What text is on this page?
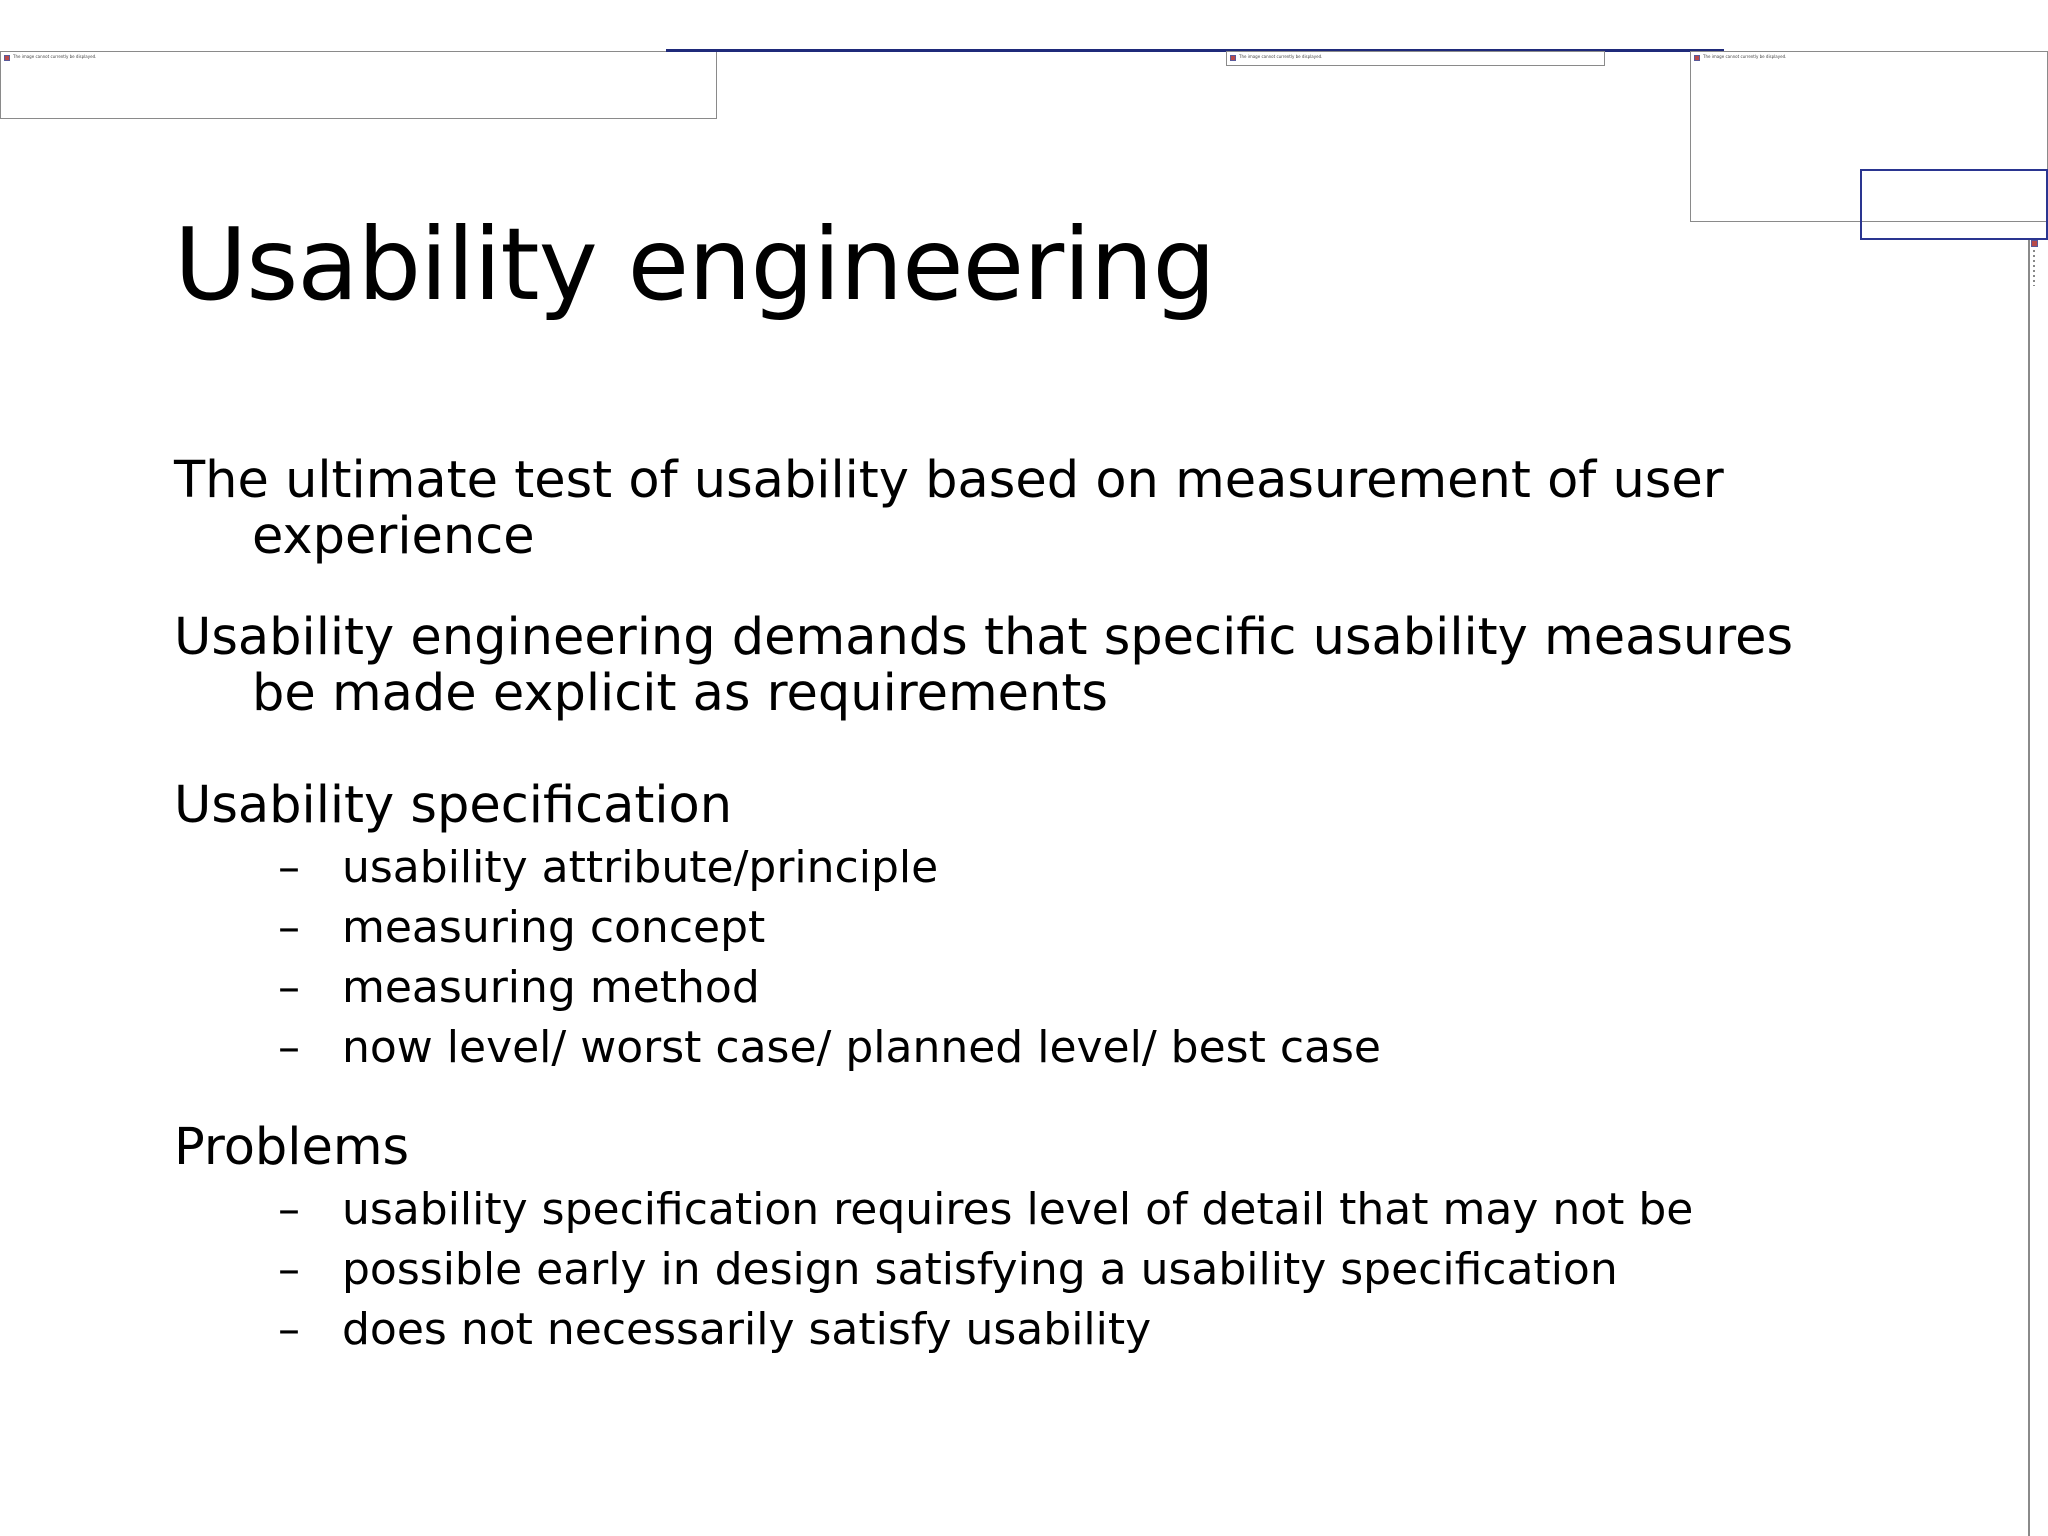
The image cannot currently be displayed.	The image cannot currently be displayed.	The image cannot currently be displayed.
Usability engineering
The ultimate test of usability based on measurement of user
experience
Usability engineering demands that specific usability measures
be made explicit as requirements
Usability specification
– usability attribute/principle
– measuring concept
– measuring method
– now level/ worst case/ planned level/ best case
Problems
– usability specification requires level of detail that may not be
– possible early in design satisfying a usability specification
– does not necessarily satisfy usability
